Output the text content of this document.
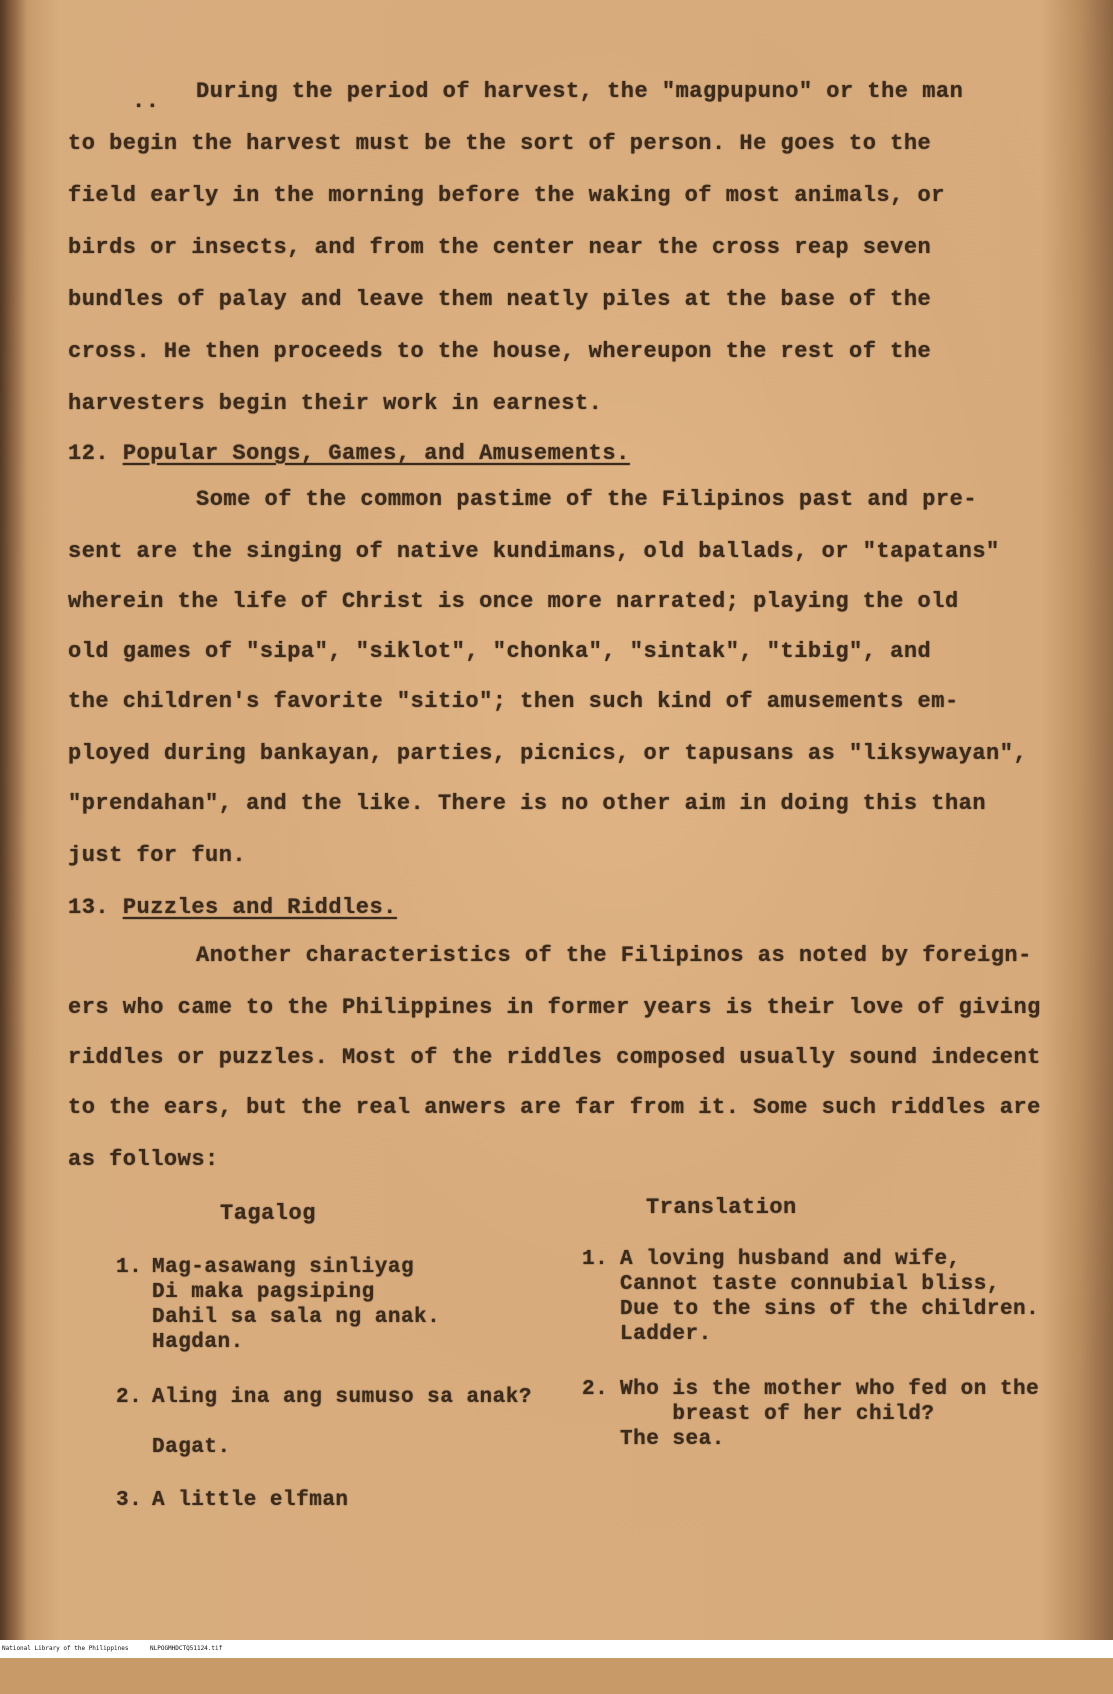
.. During the period of harvest, the "magpupuno" or the man
to begin the harvest must be the sort of person. He goes to the
field early in the morning before the waking of most animals, or
birds or insects, and from the center near the cross reap seven
bundles of palay and leave them neatly piles at the base of the
cross. He then proceeds to the house, whereupon the rest of the
harvesters begin their work in earnest.
12. Popular Songs, Games, and Amusements.
Some of the common pastime of the Filipinos past and pre-
sent are the singing of native kundimans, old ballads, or "tapatans"
wherein the life of Christ is once more narrated; playing the old
old games of "sipa", "siklot", "chonka", "sintak", "tibig", and
the children's favorite "sitio"; then such kind of amusements em-
ployed during bankayan, parties, picnics, or tapusans as "liksywayan",
"prendahan", and the like. There is no other aim in doing this than
just for fun.
13. Puzzles and Riddles.
Another characteristics of the Filipinos as noted by foreign-
ers who came to the Philippines in former years is their love of giving
riddles or puzzles. Most of the riddles composed usually sound indecent
to the ears, but the real anwers are far from it. Some such riddles are
as follows:
Tagalog	Translation
1. Mag-asawang sinliyag
Di maka pagsiping
Dahil sa sala ng anak.
Hagdan.
1. A loving husband and wife,
Cannot taste connubial bliss,
Due to the sins of the children.
Ladder.
2. Aling ina ang sumuso sa anak?
Dagat.
2. Who is the mother who fed on the
breast of her child?
The sea.
3. A little elfman

National Library of the Philippines

	NLPOGMHDCTQ51124.tif
